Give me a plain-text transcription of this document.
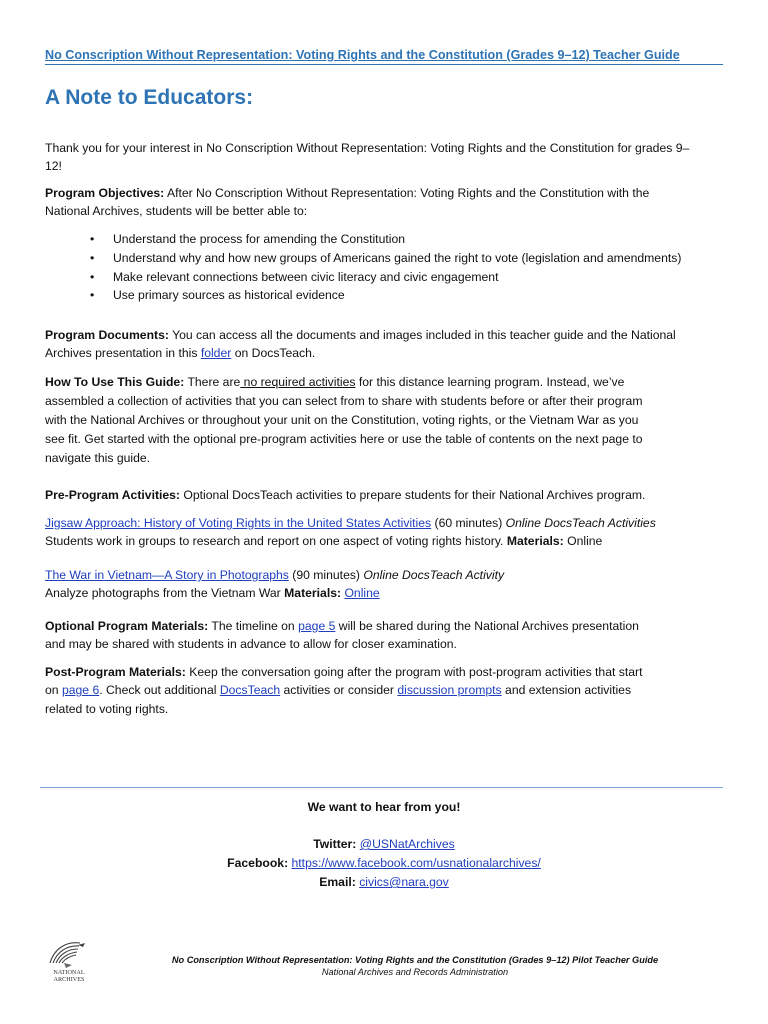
No Conscription Without Representation: Voting Rights and the Constitution (Grades 9–12) Teacher Guide
A Note to Educators:
Thank you for your interest in No Conscription Without Representation: Voting Rights and the Constitution for grades 9–
12!
Program Objectives: After No Conscription Without Representation: Voting Rights and the Constitution with the
National Archives, students will be better able to:
• Understand the process for amending the Constitution
• Understand why and how new groups of Americans gained the right to vote (legislation and amendments)
• Make relevant connections between civic literacy and civic engagement
• Use primary sources as historical evidence
Program Documents: You can access all the documents and images included in this teacher guide and the National
Archives presentation in this folder on DocsTeach.
How To Use This Guide: There are no required activities for this distance learning program. Instead, we’ve
assembled a collection of activities that you can select from to share with students before or after their program
with the National Archives or throughout your unit on the Constitution, voting rights, or the Vietnam War as you
see fit. Get started with the optional pre-program activities here or use the table of contents on the next page to
navigate this guide.
Pre-Program Activities: Optional DocsTeach activities to prepare students for their National Archives program.
Jigsaw Approach: History of Voting Rights in the United States Activities (60 minutes) Online DocsTeach Activities
Students work in groups to research and report on one aspect of voting rights history. Materials: Online
The War in Vietnam—A Story in Photographs (90 minutes) Online DocsTeach Activity
Analyze photographs from the Vietnam War Materials: Online
Optional Program Materials: The timeline on page 5 will be shared during the National Archives presentation
and may be shared with students in advance to allow for closer examination.
Post-Program Materials: Keep the conversation going after the program with post-program activities that start
on page 6. Check out additional DocsTeach activities or consider discussion prompts and extension activities
related to voting rights.
We want to hear from you!
Twitter: @USNatArchives
Facebook: https://www.facebook.com/usnationalarchives/
Email: civics@nara.gov
NATIONAL
ARCHIVES
No Conscription Without Representation: Voting Rights and the Constitution (Grades 9–12) Pilot Teacher Guide
National Archives and Records Administration
